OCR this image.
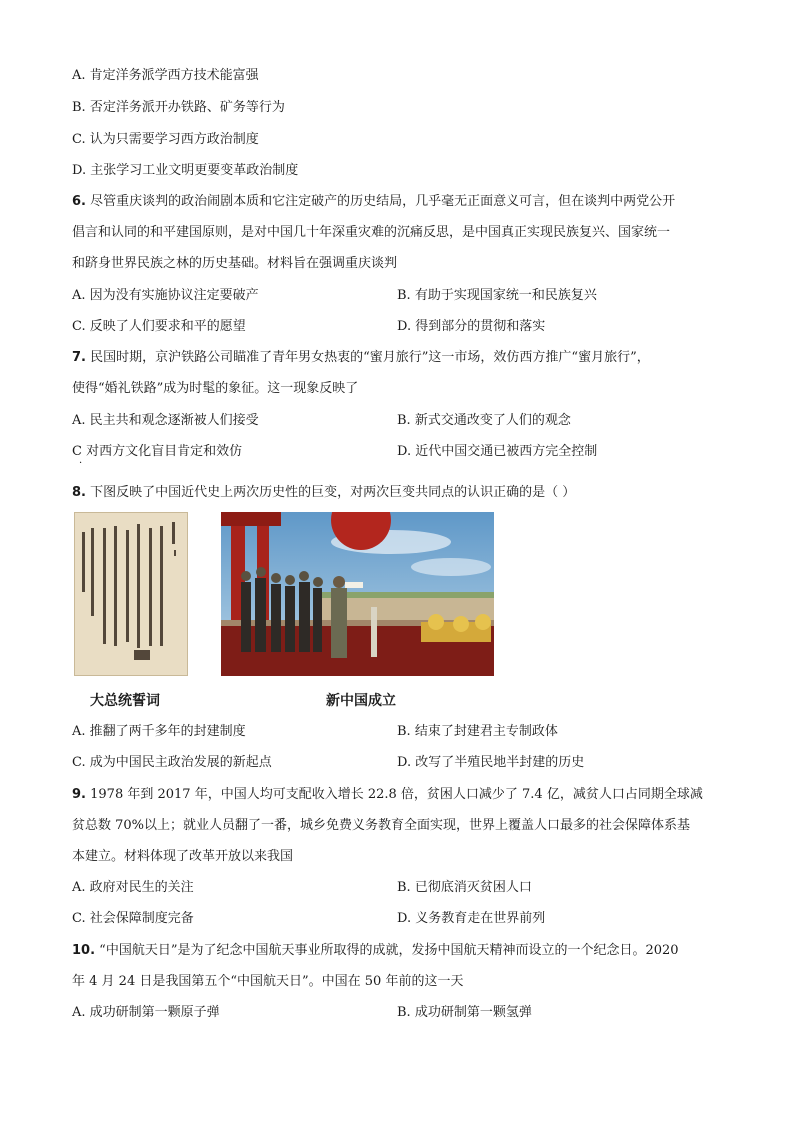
A. 肯定洋务派学西方技术能富强
B. 否定洋务派开办铁路、矿务等行为
C. 认为只需要学习西方政治制度
D. 主张学习工业文明更要变革政治制度
6. 尽管重庆谈判的政治闹剧本质和它注定破产的历史结局，几乎毫无正面意义可言，但在谈判中两党公开
倡言和认同的和平建国原则，是对中国几十年深重灾难的沉痛反思，是中国真正实现民族复兴、国家统一
和跻身世界民族之林的历史基础。材料旨在强调重庆谈判
A. 因为没有实施协议注定要破产	B. 有助于实现国家统一和民族复兴
C. 反映了人们要求和平的愿望	D. 得到部分的贯彻和落实
7. 民国时期，京沪铁路公司瞄准了青年男女热衷的“蜜月旅行”这一市场，效仿西方推广“蜜月旅行”，
使得“婚礼铁路”成为时髦的象征。这一现象反映了
A. 民主共和观念逐渐被人们接受	B. 新式交通改变了人们的观念
C 对西方文化盲目肯定和效仿	D. 近代中国交通已被西方完全控制
·
8. 下图反映了中国近代史上两次历史性的巨变，对两次巨变共同点的认识正确的是（ ）
大总统誓词	新中国成立
A. 推翻了两千多年的封建制度	B. 结束了封建君主专制政体
C. 成为中国民主政治发展的新起点	D. 改写了半殖民地半封建的历史
9. 1978 年到 2017 年，中国人均可支配收入增长 22.8 倍，贫困人口减少了 7.4 亿，减贫人口占同期全球减
贫总数 70%以上；就业人员翻了一番，城乡免费义务教育全面实现，世界上覆盖人口最多的社会保障体系基
本建立。材料体现了改革开放以来我国
A. 政府对民生的关注	B. 已彻底消灭贫困人口
C. 社会保障制度完备	D. 义务教育走在世界前列
10. “中国航天日”是为了纪念中国航天事业所取得的成就，发扬中国航天精神而设立的一个纪念日。2020
年 4 月 24 日是我国第五个“中国航天日”。中国在 50 年前的这一天
A. 成功研制第一颗原子弹	B. 成功研制第一颗氢弹
